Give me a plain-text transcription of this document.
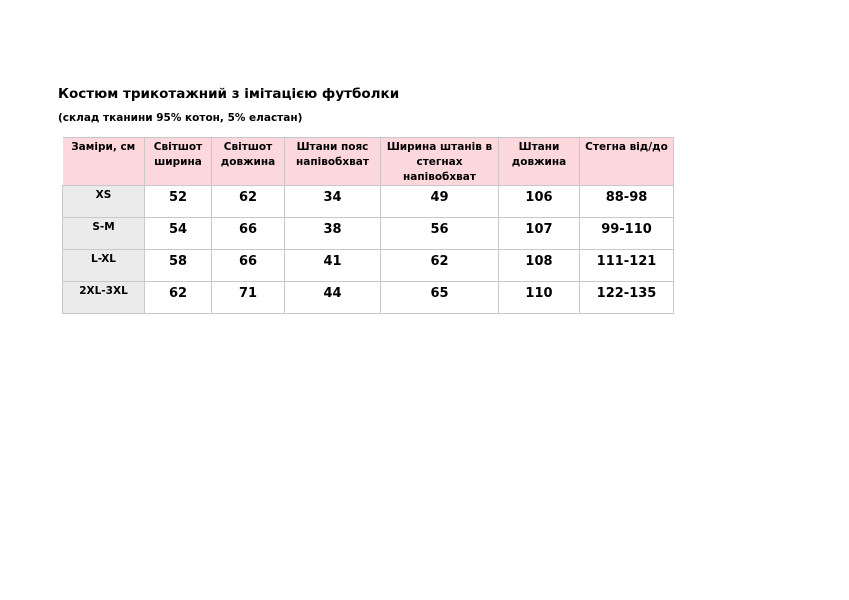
Костюм трикотажний з імітацією футболки
(склад тканини 95% котон, 5% еластан)
Заміри, см	Світшот ширина	Світшот довжина	Штани пояс напівобхват	Ширина штанів в стегнах напівобхват	Штани довжина	Стегна від/до
XS	52	62	34	49	106	88-98
S-M	54	66	38	56	107	99-110
L-XL	58	66	41	62	108	111-121
2XL-3XL	62	71	44	65	110	122-135
